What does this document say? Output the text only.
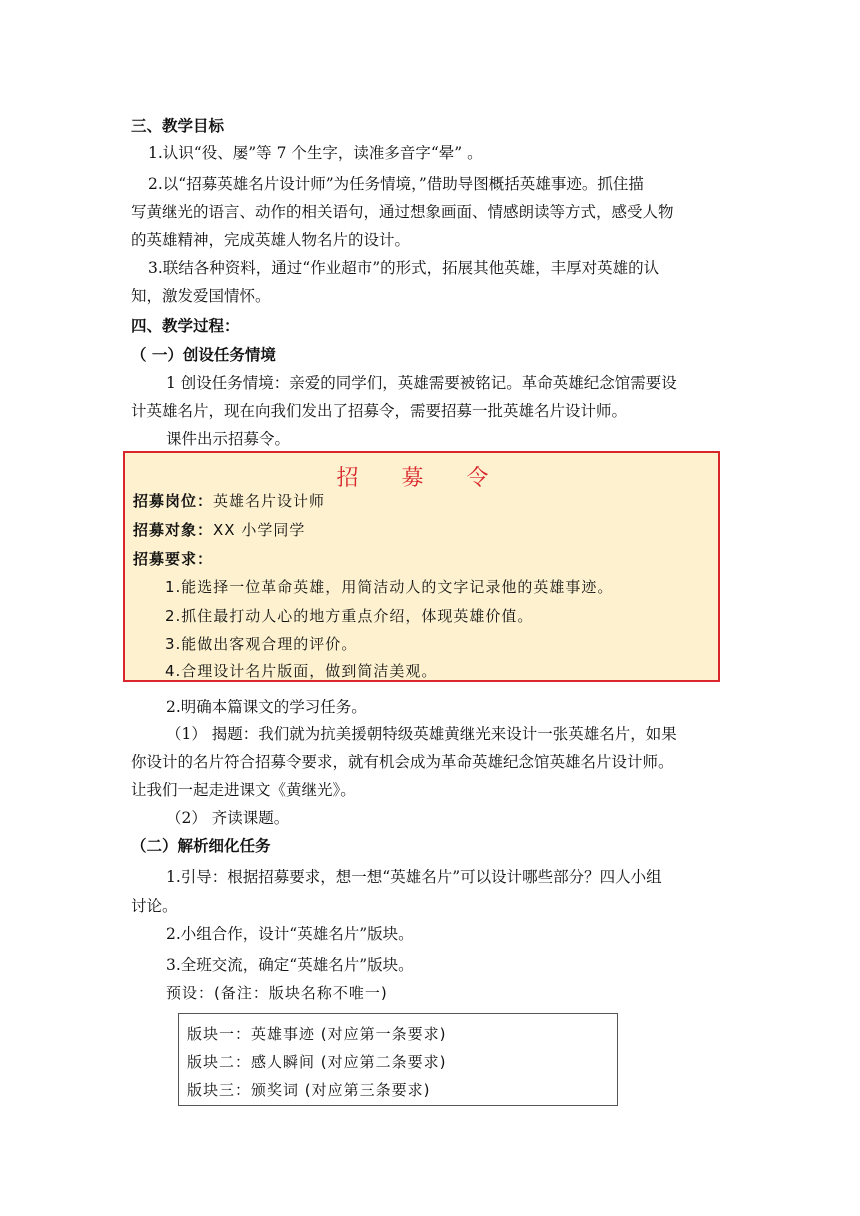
三、教学目标
1.认识“役、屡”等 7 个生字，读准多音字“晕” 。
2.以“招募英雄名片设计师”为任务情境，”借助导图概括英雄事迹。抓住描
写黄继光的语言、动作的相关语句，通过想象画面、情感朗读等方式，感受人物
的英雄精神，完成英雄人物名片的设计。
3.联结各种资料，通过“作业超市”的形式，拓展其他英雄，丰厚对英雄的认
知，激发爱国情怀。
四、教学过程：
（ 一）创设任务情境
1 创设任务情境：亲爱的同学们，英雄需要被铭记。革命英雄纪念馆需要设
计英雄名片，现在向我们发出了招募令，需要招募一批英雄名片设计师。
课件出示招募令。
招 募 令
招募岗位：英雄名片设计师
招募对象：XX 小学同学
招募要求：
1.能选择一位革命英雄，用简洁动人的文字记录他的英雄事迹。
2.抓住最打动人心的地方重点介绍，体现英雄价值。
3.能做出客观合理的评价。
4.合理设计名片版面，做到简洁美观。
2.明确本篇课文的学习任务。
（1） 揭题：我们就为抗美援朝特级英雄黄继光来设计一张英雄名片，如果
你设计的名片符合招募令要求，就有机会成为革命英雄纪念馆英雄名片设计师。
让我们一起走进课文《黄继光》。
（2） 齐读课题。
（二）解析细化任务
1.引导：根据招募要求，想一想“英雄名片”可以设计哪些部分？四人小组
讨论。
2.小组合作，设计“英雄名片”版块。
3.全班交流，确定“英雄名片”版块。
预设：(备注：版块名称不唯一)
版块一：英雄事迹 (对应第一条要求)
版块二：感人瞬间 (对应第二条要求)
版块三：颁奖词 (对应第三条要求)
